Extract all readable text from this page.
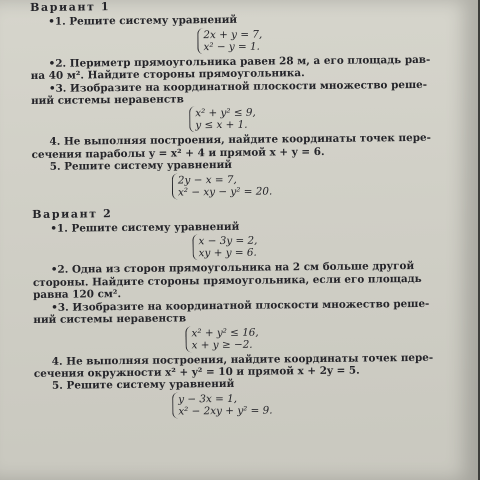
Вариант 1
•1. Решите систему уравнений
2x + y = 7,
x² − y = 1.
•2. Периметр прямоугольника равен 28 м, а его площадь рав-
на 40 м². Найдите стороны прямоугольника.
•3. Изобразите на координатной плоскости множество реше-
ний системы неравенств
x² + y² ≤ 9,
y ≤ x + 1.
4. Не выполняя построения, найдите координаты точек пере-
сечения параболы y = x² + 4 и прямой x + y = 6.
5. Решите систему уравнений
2y − x = 7,
x² − xy − y² = 20.
Вариант 2
•1. Решите систему уравнений
x − 3y = 2,
xy + y = 6.
•2. Одна из сторон прямоугольника на 2 см больше другой
стороны. Найдите стороны прямоугольника, если его площадь
равна 120 см².
•3. Изобразите на координатной плоскости множество реше-
ний системы неравенств
x² + y² ≤ 16,
x + y ≥ −2.
4. Не выполняя построения, найдите координаты точек пере-
сечения окружности x² + y² = 10 и прямой x + 2y = 5.
5. Решите систему уравнений
y − 3x = 1,
x² − 2xy + y² = 9.
